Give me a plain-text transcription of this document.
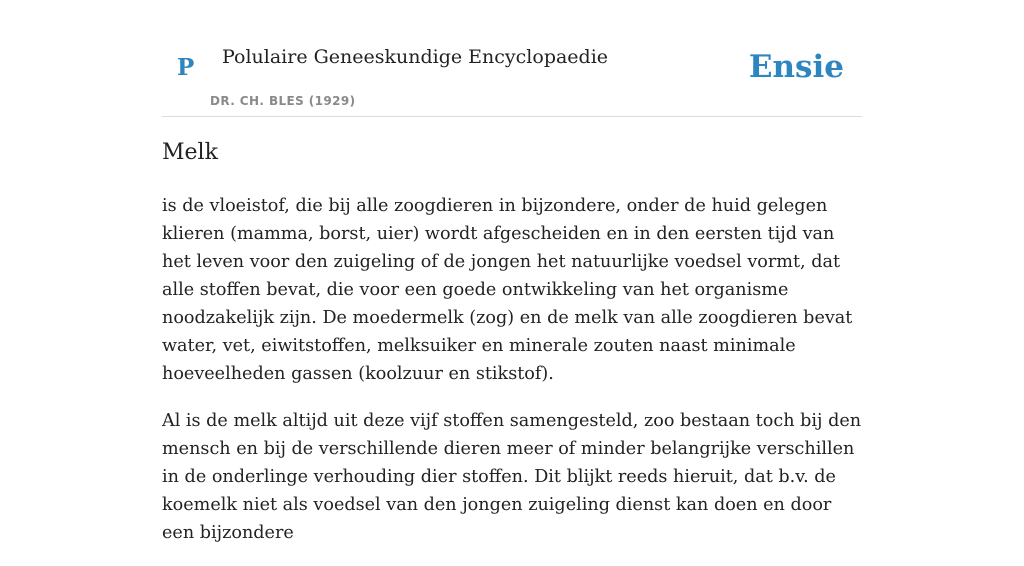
P Polulaire Geneeskundige Encyclopaedie
DR. CH. BLES (1929)
Ensie
Melk

is de vloeistof, die bij alle zoogdieren in bijzondere, onder de huid gelegen klieren (mamma, borst, uier) wordt afgescheiden en in den eersten tijd van het leven voor den zuigeling of de jongen het natuurlijke voedsel vormt, dat alle stoffen bevat, die voor een goede ontwikkeling van het organisme noodzakelijk zijn. De moedermelk (zog) en de melk van alle zoogdieren bevat water, vet, eiwitstoffen, melksuiker en minerale zouten naast minimale hoeveelheden gassen (koolzuur en stikstof).

Al is de melk altijd uit deze vijf stoffen samengesteld, zoo bestaan toch bij den mensch en bij de verschillende dieren meer of minder belangrijke verschillen in de onderlinge verhouding dier stoffen. Dit blijkt reeds hieruit, dat b.v. de koemelk niet als voedsel van den jongen zuigeling dienst kan doen en door een bijzondere
